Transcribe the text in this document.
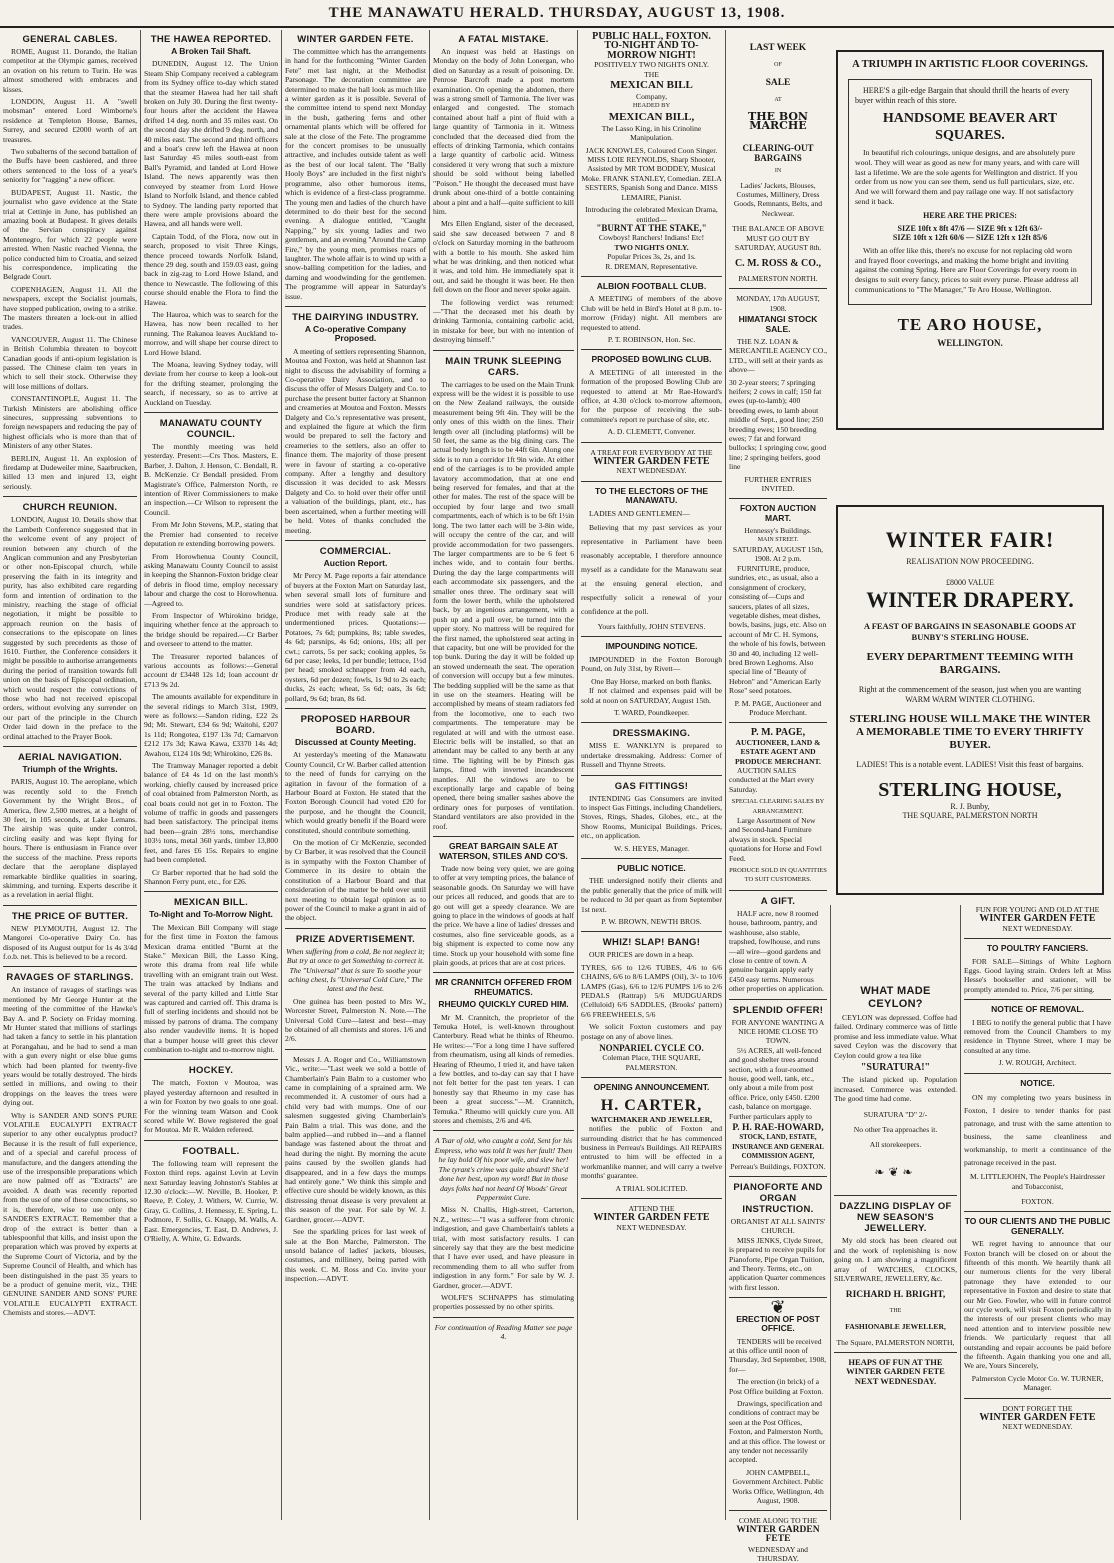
THE MANAWATU HERALD. THURSDAY, AUGUST 13, 1908.
GENERAL CABLES.

ROME, August 11. Dorando, the Italian competitor at the Olympic games, received an ovation on his return to Turin. He was almost smothered with embraces and kisses.

LONDON, August 11. A "swell mobsman" entered Lord Wimborne's residence at Templeton House, Barnes, Surrey, and secured £2000 worth of art treasures.

Two subalterns of the second battalion of the Buffs have been cashiered, and three others sentenced to the loss of a year's seniority for "ragging" a new officer.

BUDAPEST, August 11. Nastic, the journalist who gave evidence at the State trial at Cettinje in June, has published an amazing book at Budapest. It gives details of the Servian conspiracy against Montenegro, for which 22 people were arrested. When Nastic reached Vienna, the police conducted him to Croatia, and seized his correspondence, implicating the Belgrade Court.

COPENHAGEN, August 11. All the newspapers, except the Socialist journals, have stopped publication, owing to a strike. The masters threaten a lock-out in allied trades.

VANCOUVER, August 11. The Chinese in British Columbia threaten to boycott Canadian goods if anti-opium legislation is passed. The Chinese claim ten years in which to sell their stock. Otherwise they will lose millions of dollars.

CONSTANTINOPLE, August 11. The Turkish Ministers are abolishing office sinecures, suppressing subventions to foreign newspapers and reducing the pay of highest officials who is more than that of Ministers of any other States.

BERLIN, August 11. An explosion of firedamp at Dudeweiler mine, Saarbrucken, killed 13 men and injured 13, eight seriously.

CHURCH REUNION.

LONDON, August 10. Details show that the Lambeth Conference suggested that in the welcome event of any project of reunion between any church of the Anglican communion and any Presbyterian or other non-Episcopal church, while preserving the faith in its integrity and purity, has also exhibited care regarding form and intention of ordination to the ministry, reaching the stage of official negotiation, it might be possible to approach reunion on the basis of consecrations to the episcopate on lines suggested by such precedents as those of 1610. Further, the Conference considers it might be possible to authorise arrangements during the period of transition towards full union on the basis of Episcopal ordination, which would respect the convictions of those who had not received episcopal orders, without evolving any surrender on our part of the principle in the Church Order laid down in the preface to the ordinal attached to the Prayer Book.

AERIAL NAVIGATION.
Triumph of the Wrights.

PARIS, August 10. The aeroplane, which was recently sold to the French Government by the Wright Bros., of America, flew 2,500 metres, at a height of 30 feet, in 105 seconds, at Lake Lemans. The airship was quite under control, circling easily and was kept flying for hours. There is enthusiasm in France over the success of the machine. Press reports declare that the aeroplane displayed remarkable birdlike qualities in soaring, skimming, and turning. Experts describe it as a revelation in aerial flight.

THE PRICE OF BUTTER.

NEW PLYMOUTH, August 12. The Mangorei Co-operative Dairy Co. has disposed of its August output for 1s 4s 3/4d f.o.b. net. This is believed to be a record.

RAVAGES OF STARLINGS.

An instance of ravages of starlings was mentioned by Mr George Hunter at the meeting of the committee of the Hawke's Bay A. and P. Society on Friday morning. Mr Hunter stated that millions of starlings had taken a fancy to settle in his plantation at Porangahau, and he had to send a man with a gun every night or else blue gums which had been planted for twenty-five years would be totally destroyed. The birds settled in millions, and owing to their droppings on the leaves the trees were dying out.

Why is SANDER AND SON'S PURE VOLATILE EUCALYPTI EXTRACT superior to any other eucalyptus product? Because it is the result of full experience, and of a special and careful process of manufacture, and the dangers attending the use of the irresponsible preparations which are now palmed off as "Extracts" are avoided. A death was recently reported from the use of one of these concoctions, so it is, therefore, wise to use only the SANDER'S EXTRACT. Remember that a drop of the extract is better than a tablespoonful that kills, and insist upon the preparation which was proved by experts at the Supreme Court of Victoria, and by the Supreme Council of Health, and which has been distinguished in the past 35 years to be a product of genuine merit, viz., THE GENUINE SANDER AND SONS' PURE VOLATILE EUCALYPTI EXTRACT. Chemists and stores.—ADVT.

THE HAWEA REPORTED.
A Broken Tail Shaft.

DUNEDIN, August 12. The Union Steam Ship Company received a cablegram from its Sydney office to-day which stated that the steamer Hawea had her tail shaft broken on July 30. During the first twenty-four hours after the accident the Hawea drifted 14 deg. north and 35 miles east. On the second day she drifted 9 deg. north, and 40 miles east. The second and third officers and a boat's crew left the Hawea at noon last Saturday 45 miles south-east from Ball's Pyramid, and landed at Lord Howe Island. The news apparently was then conveyed by steamer from Lord Howe Island to Norfolk Island, and thence cabled to Sydney. The landing party reported that there were ample provisions aboard the Hawea, and all hands were well.

Captain Todd, of the Flora, now out in search, proposed to visit Three Kings, thence proceed towards Norfolk Island, thence 29 deg. south and 159.03 east, going back in zig-zag to Lord Howe Island, and thence to Newcastle. The following of this course should enable the Flora to find the Hawea.

The Hauroa, which was to search for the Hawea, has now been recalled to her running. The Rakanoa leaves Auckland to-morrow, and will shape her course direct to Lord Howe Island.

The Moana, leaving Sydney today, will deviate from her course to keep a look-out for the drifting steamer, prolonging the search, if necessary, so as to arrive at Auckland on Tuesday.

MANAWATU COUNTY COUNCIL.

The monthly meeting was held yesterday. Present:—Crs Thos. Masters, E. Barber, J. Dalton, J. Henson, C. Bendall, R. B. McKenzie. Cr Bendall presided. From Magistrate's Office, Palmerston North, re intention of River Commissioners to make an inspection.—Cr Wilson to represent the Council.

From Mr John Stevens, M.P., stating that the Premier had consented to receive deputation re extending borrowing powers.

From Horowhenua County Council, asking Manawatu County Council to assist in keeping the Shannon-Foxton bridge clear of debris in flood time, employ necessary labour and charge the cost to Horowhenua.—Agreed to.

From Inspector of Whirokino bridge, inquiring whether fence at the approach to the bridge should be repaired.—Cr Barber and overseer to attend to the matter.

The Treasurer reported balances of various accounts as follows:—General account dr £3448 12s 1d; loan account dr £713 9s 2d.

The amounts available for expenditure in the several ridings to March 31st, 1909, were as follows:—Sandon riding, £22 2s 9d; Mt. Stewart, £34 6s 9d; Waitohi, £207 1s 11d; Rongotea, £197 13s 7d; Carnarvon £212 17s 3d; Kawa Kawa, £3370 14s 4d; Awahou, £124 10s 9d; Whirokino, £26 8s.

The Tramway Manager reported a debit balance of £4 4s 1d on the last month's working, chiefly caused by increased price of coal obtained from Palmerston North, as coal boats could not get in to Foxton. The volume of traffic in goods and passengers had been satisfactory. The principal items had been—grain 28½ tons, merchandise 103½ tons, metal 360 yards, timber 13,800 feet, and fares £6 15s. Repairs to engine had been completed.

Cr Barber reported that he had sold the Shannon Ferry punt, etc., for £26.

MEXICAN BILL.
To-Night and To-Morrow Night.

The Mexican Bill Company will stage for the first time in Foxton the famous Mexican drama entitled "Burnt at the Stake." Mexican Bill, the Lasso King, wrote this drama from real life while travelling with an emigrant train out West. The train was attacked by Indians and several of the party killed and Little Star was captured and carried off. This drama is full of sterling incidents and should not be missed by patrons of drama. The company also render vaudeville items. It is hoped that a bumper house will greet this clever combination to-night and to-morrow night.

HOCKEY.

The match, Foxton v Moutoa, was played yesterday afternoon and resulted in a win for Foxton by two goals to one goal. For the winning team Watson and Cook scored while W. Bowe registered the goal for Moutoa. Mr R. Walden refereed.

FOOTBALL.

The following team will represent the Foxton third reps. against Levin at Levin next Saturday leaving Johnston's Stables at 12.30 o'clock:—W. Neville, B. Hooker, P. Reeve, P. Coley, J. Withers, W. Currie, W. Gray, G. Collins, J. Hennessy, E. Spring, L. Podmore, F. Sollis, G. Knapp, M. Walls, A. East. Emergencies, T. East, D. Andrews, J. O'Rielly, A. White, G. Edwards.

WINTER GARDEN FETE.

The committee which has the arrangements in hand for the forthcoming "Winter Garden Fete" met last night, at the Methodist Parsonage. The decoration committee are determined to make the hall look as much like a winter garden as it is possible. Several of the committee intend to spend next Monday in the bush, gathering ferns and other ornamental plants which will be offered for sale at the close of the Fete. The programme for the concert promises to be unusually attractive, and includes outside talent as well as the best of our local talent. The "Bally Hooly Boys" are included in the first night's programme, also other humorous items, which is evidence of a first-class programme. The young men and ladies of the church have determined to do their best for the second evening. A dialogue entitled, "Caught Napping," by six young ladies and two gentlemen, and an evening "Around the Camp Fire," by the young men, promises roars of laughter. The whole affair is to wind up with a snow-balling competition for the ladies, and darning and woodwinding for the gentlemen. The programme will appear in Saturday's issue.

THE DAIRYING INDUSTRY.
A Co-operative Company Proposed.

A meeting of settlers representing Shannon, Moutoa and Foxton, was held at Shannon last night to discuss the advisability of forming a Co-operative Dairy Association, and to discuss the offer of Messrs Dalgety and Co. to purchase the present butter factory at Shannon and creameries at Moutoa and Foxton. Messrs Dalgety and Co.'s representative was present, and explained the figure at which the firm would be prepared to sell the factory and creameries to the settlers, also an offer to finance them. The majority of those present were in favour of starting a co-operative company. After a lengthy and desultory discussion it was decided to ask Messrs Dalgety and Co. to hold over their offer until a valuation of the buildings, plant, etc., has been ascertained, when a further meeting will be held. Votes of thanks concluded the meeting.

COMMERCIAL.
Auction Report.

Mr Percy M. Page reports a fair attendance of buyers at the Foxton Mart on Saturday last, when several small lots of furniture and sundries were sold at satisfactory prices. Produce met with ready sale at the undermentioned prices. Quotations:—Potatoes, 7s 6d; pumpkins, 8s; table swedes, 4s 6d; parsnips, 4s 6d; onions, 10s; all per cwt.; carrots, 5s per sack; cooking apples, 5s 6d per case; leeks, 1d per bundle; lettuce, 1½d per head; smoked schnapper from 4d each, oysters, 6d per dozen; fowls, 1s 9d to 2s each; ducks, 2s each; wheat, 5s 6d; oats, 3s 6d; pollard, 9s 6d; bran, 8s 6d.

PROPOSED HARBOUR BOARD.
Discussed at County Meeting.

At yesterday's meeting of the Manawatu County Council, Cr W. Barber called attention to the need of funds for carrying on the agitation in favour of the formation of a Harbour Board at Foxton. He stated that the Foxton Borough Council had voted £20 for the purpose, and he thought the Council, which would greatly benefit if the Board were constituted, should contribute something.

On the motion of Cr McKenzie, seconded by Cr Barber, it was resolved that the Council is in sympathy with the Foxton Chamber of Commerce in its desire to obtain the constitution of a Harbour Board and that consideration of the matter be held over until next meeting to obtain legal opinion as to power of the Council to make a grant in aid of the object.

PRIZE ADVERTISEMENT.

When suffering from a cold, Be not neglect it; But try at once to get Something to correct it. The "Universal" that is sure To soothe your aching chest, Is "Universal Cold Cure," The latest and the best.

One guinea has been posted to Mrs W., Worcester Street, Palmerston N. Note.—The Universal Cold Cure—latest and best—may be obtained of all chemists and stores. 1/6 and 2/6.

Messrs J. A. Roger and Co., Williamstown Vic., write:—"Last week we sold a bottle of Chamberlain's Pain Balm to a customer who came in complaining of a sprained arm. We recommended it. A customer of ours had a child very bad with mumps. One of our salesmen suggested giving Chamberlain's Pain Balm a trial. This was done, and the balm applied—and rubbed in—and a flannel bandage was fastened about the throat and head during the night. By morning the acute pains caused by the swollen glands had disappeared, and in a few days the mumps had entirely gone." We think this simple and effective cure should be widely known, as this distressing throat disease is very prevalent at this season of the year. For sale by W. J. Gardner, grocer.—ADVT.

See the sparkling prices for last week of sale at the Bon Marche, Palmerston. The unsold balance of ladies' jackets, blouses, costumes, and millinery, being parted with this week. C. M. Ross and Co. invite your inspection.—ADVT.

A FATAL MISTAKE.

An inquest was held at Hastings on Monday on the body of John Lonergan, who died on Saturday as a result of poisoning. Dr. Penrose Barcroft made a post mortem examination. On opening the abdomen, there was a strong smell of Tarmonia. The liver was enlarged and congested. The stomach contained about half a pint of fluid with a large quantity of Tarmonia in it. Witness concluded that the deceased died from the effects of drinking Tarmonia, which contains a large quantity of carbolic acid. Witness considered it very wrong that such a mixture should be sold without being labelled "Poison." He thought the deceased must have drunk about one-third of a bottle containing about a pint and a half—quite sufficient to kill him.

Mrs Ellen England, sister of the deceased, said she saw deceased between 7 and 8 o'clock on Saturday morning in the bathroom with a bottle to his mouth. She asked him what he was drinking, and then noticed what it was, and told him. He immediately spat it out, and said he thought it was beer. He then fell down on the floor and never spoke again.

The following verdict was returned:—"That the deceased met his death by drinking Tarmonia, containing carbolic acid, in mistake for beer, but with no intention of destroying himself."

MAIN TRUNK SLEEPING CARS.

The carriages to be used on the Main Trunk express will be the widest it is possible to use on the New Zealand railways, the outside measurement being 9ft 4in. They will be the only ones of this width on the lines. Their length over all (including platforms) will be 50 feet, the same as the big dining cars. The actual body length is to be 44ft 6in. Along one side is to run a corridor 1ft 9in wide. At either end of the carriages is to be provided ample lavatory accommodation, that at one end being reserved for females, and that at the other for males. The rest of the space will be occupied by four large and two small compartments, each of which is to be 6ft 1½in long. The two latter each will be 3-8in wide, will occupy the centre of the car, and will provide accommodation for two passengers. The larger compartments are to be 6 feet 6 inches wide, and to contain four berths. During the day the large compartments will each accommodate six passengers, and the smaller ones three. The ordinary seat will form the lower berth, while the upholstered back, by an ingenious arrangement, with a push up and a pull over, be turned into the upper story. No mattress will be required for the first named, the upholstered seat acting in that capacity, but one will be provided for the top bunk. During the day it will be folded up an stowed underneath the seat. The operation of conversion will occupy but a few minutes. The bedding supplied will be the same as that in use on the steamers. Heating will be accomplished by means of steam radiators fed from the locomotive, one to each two compartments. The temperature may be regulated at will and with the utmost ease. Electric bells will be installed, so that an attendant may be called to any berth at any time. The lighting will be by Pintsch gas lamps, fitted with inverted incandescent mantles. All the windows are to be exceptionally large and capable of being opened, there being smaller sashes above the ordinary ones for purposes of ventilation. Standard ventilators are also provided in the roof.

GREAT BARGAIN SALE AT WATERSON, STILES AND CO'S.

Trade now being very quiet, we are going to offer at very tempting prices, the balance of seasonable goods. On Saturday we will have our prices all reduced, and goods that are to go out will get a speedy clearance. We are going to place in the windows of goods at half the price. We have a line of ladies' dresses and costumes, also fine serviceable goods, as a big shipment is expected to come now any time. Stock up your household with some fine plain goods, at prices that are at cost prices.

MR CRANNITCH OFFERED FROM RHEUMATICS.
RHEUMO QUICKLY CURED HIM.

Mr M. Crannitch, the proprietor of the Temuka Hotel, is well-known throughout Canterbury. Read what he thinks of Rheumo. He writes:—"For a long time I have suffered from rheumatism, using all kinds of remedies. Hearing of Rheumo, I tried it, and have taken a few bottles, and to-day can say that I have not felt better for the past ten years. I can honestly say that Rheumo in my case has been a great success."—M. Crannitch, Temuka." Rheumo will quickly cure you. All stores and chemists, 2/6 and 4/6.

A Tsar of old, who caught a cold, Sent for his Empress, who was told It was her fault! Then he lay bold Of his poor wife, and slew her! The tyrant's crime was quite absurd! She'd done her best, upon my word! But in those days folks had not heard Of Woods' Great Peppermint Cure.

Miss N. Challis, High-street, Carterton, N.Z., writes:—"I was a sufferer from chronic indigestion, and gave Chamberlain's tablets a trial, with most satisfactory results. I can sincerely say that they are the best medicine that I have ever used, and have pleasure in recommending them to all who suffer from indigestion in any form." For sale by W. J. Gardner, grocer.—ADVT.

WOLFE'S SCHNAPPS has stimulating properties possessed by no other spirits.

For continuation of Reading Matter see page 4.

PUBLIC HALL, FOXTON.
TO-NIGHT AND TO-MORROW NIGHT!
POSITIVELY TWO NIGHTS ONLY.
THE
MEXICAN BILL
Company,
HEADED BY
MEXICAN BILL,
The Lasso King, in his Crinoline Manipulation.
JACK KNOWLES, Coloured Coon Singer. MISS LOIE REYNOLDS, Sharp Shooter, Assisted by MR TOM BODDEY, Musical Moke. FRANK STANLEY, Comedian. ZELA SESTERS, Spanish Song and Dance. MISS LEMAIRE, Pianist.
Introducing the celebrated Mexican Drama, entitled—
"BURNT AT THE STAKE,"
Cowboys! Ranchers! Indians! Etc!
TWO NIGHTS ONLY.
Popular Prices 3s, 2s, and 1s.
R. DREMAN, Representative.
ALBION FOOTBALL CLUB.

A MEETING of members of the above Club will be held in Bird's Hotel at 8 p.m. to-morrow (Friday) night. All members are requested to attend.

P. T. ROBINSON, Hon. Sec.
PROPOSED BOWLING CLUB.

A MEETING of all interested in the formation of the proposed Bowling Club are requested to attend at Mr Rae-Howard's office, at 4.30 o'clock to-morrow afternoon, for the purpose of receiving the sub-committee's report re purchase of site, etc.

A. D. CLEMETT, Convener.
A TREAT FOR EVERYBODY AT THE
WINTER GARDEN FETE
NEXT WEDNESDAY.
TO THE ELECTORS OF THE MANAWATU.

LADIES AND GENTLEMEN—

Believing that my past services as your representative in Parliament have been reasonably acceptable, I therefore announce myself as a candidate for the Manawatu seat at the ensuing general election, and respectfully solicit a renewal of your confidence at the poll.

Yours faithfully, JOHN STEVENS.
IMPOUNDING NOTICE.

IMPOUNDED in the Foxton Borough Pound, on July 31st, by Rivett—

One Bay Horse, marked on both flanks.

If not claimed and expenses paid will be sold at noon on SATURDAY, August 15th.

T. WARD, Poundkeeper.
DRESSMAKING.

MISS E. WANKLYN is prepared to undertake dressmaking. Address: Corner of Russell and Thynne Streets.

GAS FITTINGS!

INTENDING Gas Consumers are invited to inspect Gas Fittings, including Chandeliers, Stoves, Rings, Shades, Globes, etc., at the Show Rooms, Municipal Buildings. Prices, etc., on application.

W. S. HEYES, Manager.
PUBLIC NOTICE.

THE undersigned notify their clients and the public generally that the price of milk will be reduced to 3d per quart as from September 1st next.

P. W. BROWN, NEWTH BROS.
WHIZ! SLAP! BANG!

OUR PRICES are down in a heap.

TYRES, 6/6 to 12/6 TUBES, 4/6 to 6/6 CHAINS, 6/6 to 8/6 LAMPS (Oil), 3/- to 10/6 LAMPS (Gas), 6/6 to 12/6 PUMPS 1/6 to 2/6 PEDALS (Rattrap) 5/6 MUDGUARDS (Celluloid) 6/6 SADDLES, (Brooks' pattern) 6/6 FREEWHEELS, 5/6

We solicit Foxton customers and pay postage on any of above lines.

NONPARIEL CYCLE CO.
Coleman Place, THE SQUARE, PALMERSTON.
OPENING ANNOUNCEMENT.
H. CARTER,
WATCHMAKER AND JEWELLER,

notifies the public of Foxton and surrounding district that he has commenced business in Perreau's Buildings. All REPAIRS entrusted to him will be effected in a workmanlike manner, and will carry a twelve months' guarantee.

A TRIAL SOLICITED.
ATTEND THE
WINTER GARDEN FETE
NEXT WEDNESDAY.
LAST WEEK
OF
SALE
AT
THE BON MARCHE
CLEARING-OUT BARGAINS
IN
Ladies' Jackets, Blouses, Costumes, Millinery, Dress Goods, Remnants, Belts, and Neckwear.
THE BALANCE OF ABOVE MUST GO OUT BY SATURDAY, AUGUST 8th.
C. M. ROSS & CO.,
PALMERSTON NORTH.
MONDAY, 17th AUGUST, 1908.
HIMATANGI STOCK SALE.

THE N.Z. LOAN & MERCANTILE AGENCY CO., LTD., will sell at their yards as above—

30 2-year steers; 7 springing heifers; 2 cows in calf; 150 fat ewes (up-to-lamb); 400 breeding ewes, to lamb about middle of Sept., good line; 250 breeding ewes; 150 breeding ewes; 7 fat and forward bullocks; 1 springing cow, good line; 2 springing heifers, good line

FURTHER ENTRIES INVITED.
FOXTON AUCTION MART.
Hennessy's Buildings.
MAIN STREET.
SATURDAY, AUGUST 15th, 1908. At 2 p.m.

FURNITURE, produce, sundries, etc., as usual, also a consignment of crockery, consisting of—Cups and saucers, plates of all sizes, vegetable dishes, meat dishes, bowls, basins, jugs, etc. Also on account of Mr C. H. Symons, the whole of his fowls, between 30 and 40, including 12 well-bred Brown Leghorns. Also special line of "Beauty of Hebron" and "American Early Rose" seed potatoes.

P. M. PAGE, Auctioneer and Produce Merchant.
P. M. PAGE,
AUCTIONEER, LAND & ESTATE AGENT AND PRODUCE MERCHANT.

AUCTION SALES conducted at the Mart every Saturday.

SPECIAL CLEARING SALES BY ARRANGEMENT.

Large Assortment of New and Second-hand Furniture always in stock. Special quotations for Horse and Fowl Feed.

PRODUCE SOLD IN QUANTITIES TO SUIT CUSTOMERS.
A GIFT.

HALF acre, new 8 roomed house, bathroom, pantry, and washhouse, also stable, trapshed, fowlhouse, and runs—all wire—good gardens and close to centre of town. A genuine bargain apply early £450 easy terms. Numerous other properties on application.

SPLENDID OFFER!
FOR ANYONE WANTING A NICE HOME CLOSE TO TOWN.

5½ ACRES, all well-fenced and good shelter trees around section, with a four-roomed house, good well, tank, etc., only about a mile from post office. Price, only £450. £200 cash, balance on mortgage. Further particulars apply to

P. H. RAE-HOWARD,
STOCK, LAND, ESTATE, INSURANCE AND GENERAL COMMISSION AGENT,
Perreau's Buildings, FOXTON.
PIANOFORTE AND ORGAN INSTRUCTION.
ORGANIST AT ALL SAINTS' CHURCH.

MISS JENKS, Clyde Street, is prepared to receive pupils for Pianoforte, Pipe Organ Tuition, and Theory. Terms, etc., on application Quarter commences with first lesson.

❦
ERECTION OF POST OFFICE.

TENDERS will be received at this office until noon of Thursday, 3rd September, 1908, for—

The erection (in brick) of a Post Office building at Foxton.

Drawings, specification and conditions of contract may be seen at the Post Offices, Foxton, and Palmerston North, and at this office. The lowest or any tender not necessarily accepted.

JOHN CAMPBELL, Government Architect. Public Works Office, Wellington, 4th August, 1908.
COME ALONG TO THE
WINTER GARDEN FETE
WEDNESDAY and THURSDAY.
A TRIUMPH IN ARTISTIC FLOOR COVERINGS.

HERE'S a gilt-edge Bargain that should thrill the hearts of every buyer within reach of this store.

HANDSOME BEAVER ART SQUARES.

In beautiful rich colourings, unique designs, and are absolutely pure wool. They will wear as good as new for many years, and with care will last a lifetime. We are the sole agents for Wellington and district. If you order from us now you can see them, send us full particulars, size, etc. And we will forward them and pay railage one way. If not satisfactory send it back.

HERE ARE THE PRICES:
SIZE 10ft x 8ft 47/6 — SIZE 9ft x 12ft 63/-
SIZE 10ft x 12ft 60/6 — SIZE 12ft x 12ft 85/6

With an offer like this, there's no excuse for not replacing old worn and frayed floor coverings, and making the home bright and inviting against the coming Spring. Here are Floor Coverings for every room in designs to suit every fancy, prices to suit every purse. Please address all communications to "The Manager," Te Aro House, Wellington.

TE ARO HOUSE,
WELLINGTON.
WINTER FAIR!
REALISATION NOW PROCEEDING.
£8000 VALUE
WINTER DRAPERY.
A FEAST OF BARGAINS IN SEASONABLE GOODS AT BUNBY'S STERLING HOUSE.
EVERY DEPARTMENT TEEMING WITH BARGAINS.
Right at the commencement of the season, just when you are wanting WARM WARM WINTER CLOTHING.
STERLING HOUSE WILL MAKE THE WINTER A MEMORABLE TIME TO EVERY THRIFTY BUYER.
LADIES! This is a notable event. LADIES! Visit this feast of bargains.
STERLING HOUSE,
R. J. Bunby,
THE SQUARE, PALMERSTON NORTH
WHAT MADE CEYLON?

CEYLON was depressed. Coffee had failed. Ordinary commerce was of little promise and less immediate value. What saved Ceylon was the discovery that Ceylon could grow a tea like

"SURATURA!"

The island picked up. Population increased. Commerce was extended. The good time had come.

SURATURA "D" 2/-
No other Tea approaches it.
All storekeepers.
❧❦❧
DAZZLING DISPLAY OF NEW SEASON'S JEWELLERY.

My old stock has been cleared out and the work of replenishing is now going on. I am showing a magnificent array of WATCHES, CLOCKS, SILVERWARE, JEWELLERY, &c.

RICHARD H. BRIGHT,
THE
FASHIONABLE JEWELLER,
The Square, PALMERSTON NORTH,
HEAPS OF FUN AT THE WINTER GARDEN FETE NEXT WEDNESDAY.
FUN FOR YOUNG AND OLD AT THE
WINTER GARDEN FETE
NEXT WEDNESDAY.
TO POULTRY FANCIERS.

FOR SALE—Sittings of White Leghorn Eggs. Good laying strain. Orders left at Miss Hesse's bookseller and stationer, will be promptly attended to. Price, 7/6 per sitting.

NOTICE OF REMOVAL.

I BEG to notify the general public that I have removed from the Council Chambers to my residence in Thynne Street, where I may be consulted at any time.

J. W. ROUGH, Architect.
NOTICE.

ON my completing two years business in Foxton, I desire to tender thanks for past patronage, and trust with the same attention to business, the same cleanliness and workmanship, to merit a continuance of the patronage received in the past.

M. LITTLEJOHN, The People's Hairdresser and Tobacconist,
FOXTON.
TO OUR CLIENTS AND THE PUBLIC GENERALLY.

WE regret having to announce that our Foxton branch will be closed on or about the fifteenth of this month. We heartily thank all our numerous clients for the very liberal patronage they have extended to our representative in Foxton and desire to state that our Mr Geo. Fowler, who will in future control our cycle work, will visit Foxton periodically in the interests of our present clients who may need attention and to interview possible new friends. We particularly request that all outstanding and repair accounts be paid before the fifteenth. Again thanking you one and all, We are, Yours Sincerely,

Palmerston Cycle Motor Co. W. TURNER, Manager.
DON'T FORGET THE
WINTER GARDEN FETE
NEXT WEDNESDAY.
